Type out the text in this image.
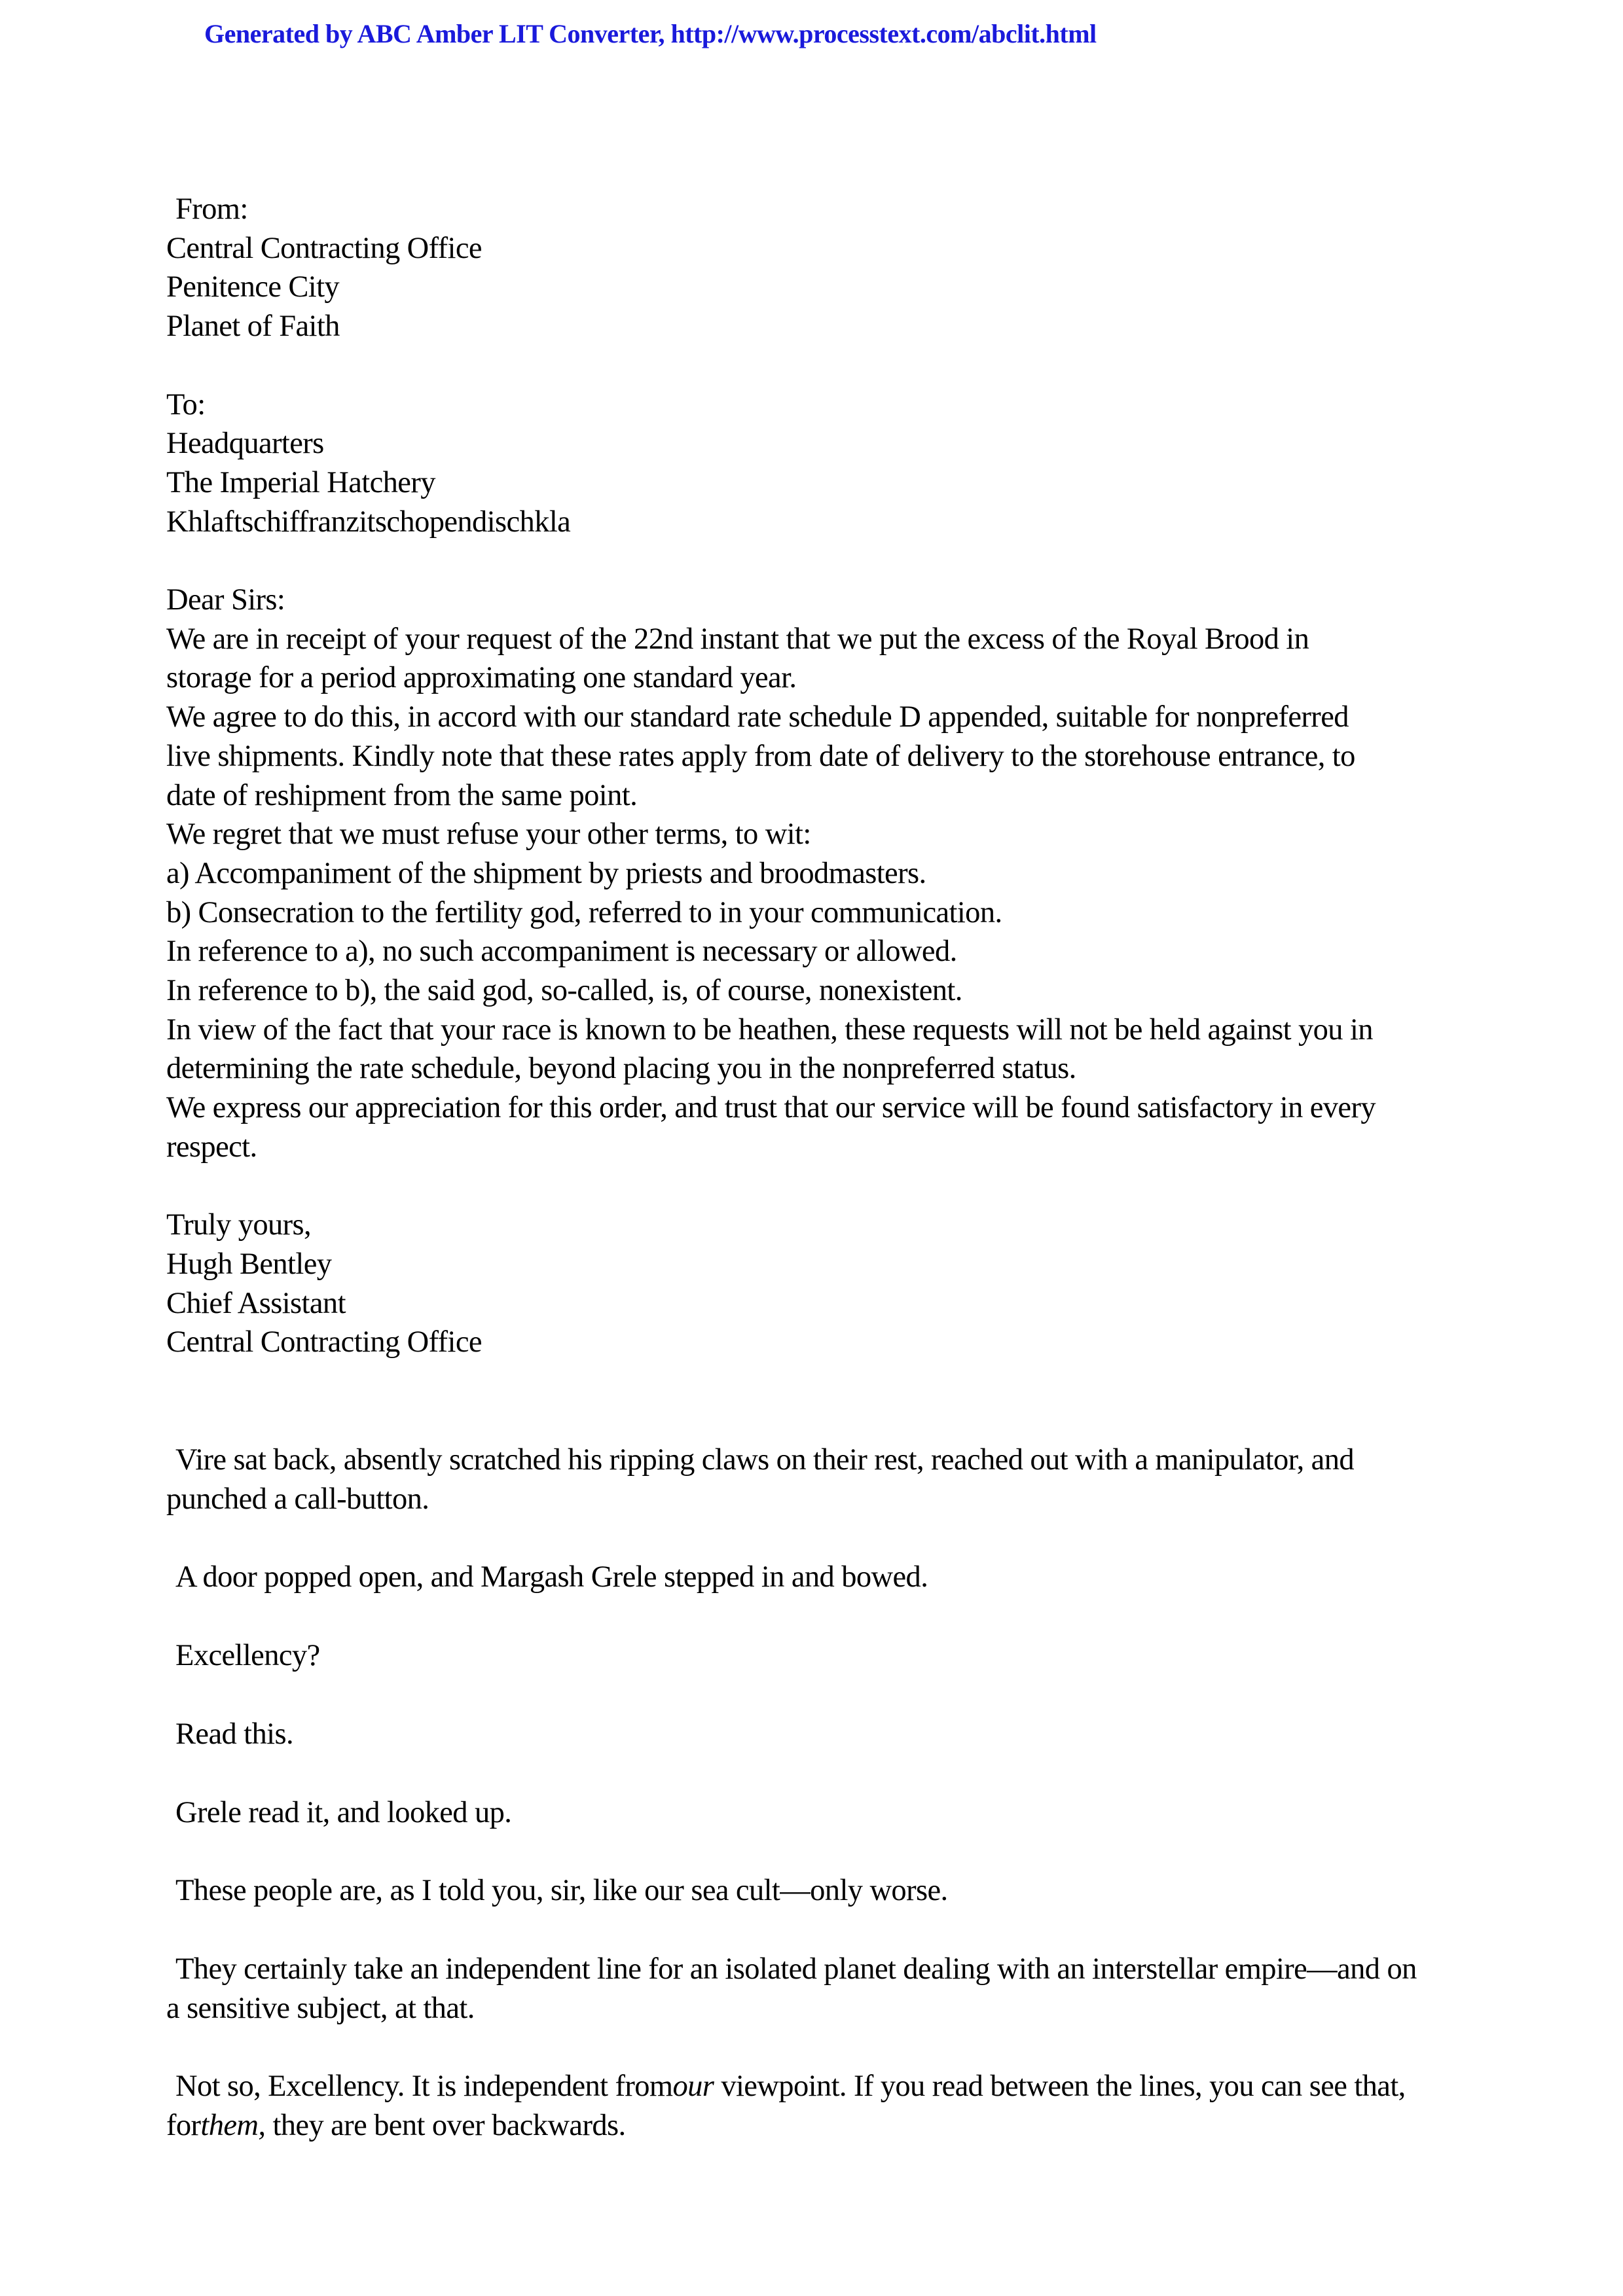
Generated by ABC Amber LIT Converter, http://www.processtext.com/abclit.html
From:
Central Contracting Office
Penitence City
Planet of Faith
To:
Headquarters
The Imperial Hatchery
Khlaftschiffranzitschopendischkla
Dear Sirs:
We are in receipt of your request of the 22nd instant that we put the excess of the Royal Brood in
storage for a period approximating one standard year.
We agree to do this, in accord with our standard rate schedule D appended, suitable for nonpreferred
live shipments. Kindly note that these rates apply from date of delivery to the storehouse entrance, to
date of reshipment from the same point.
We regret that we must refuse your other terms, to wit:
a) Accompaniment of the shipment by priests and broodmasters.
b) Consecration to the fertility god, referred to in your communication.
In reference to a), no such accompaniment is necessary or allowed.
In reference to b), the said god, so-called, is, of course, nonexistent.
In view of the fact that your race is known to be heathen, these requests will not be held against you in
determining the rate schedule, beyond placing you in the nonpreferred status.
We express our appreciation for this order, and trust that our service will be found satisfactory in every
respect.
Truly yours,
Hugh Bentley
Chief Assistant
Central Contracting Office
Vire sat back, absently scratched his ripping claws on their rest, reached out with a manipulator, and
punched a call-button.
A door popped open, and Margash Grele stepped in and bowed.
Excellency?
Read this.
Grele read it, and looked up.
These people are, as I told you, sir, like our sea cult—only worse.
They certainly take an independent line for an isolated planet dealing with an interstellar empire—and on
a sensitive subject, at that.
Not so, Excellency. It is independent fromour viewpoint. If you read between the lines, you can see that,
forthem, they are bent over backwards.
